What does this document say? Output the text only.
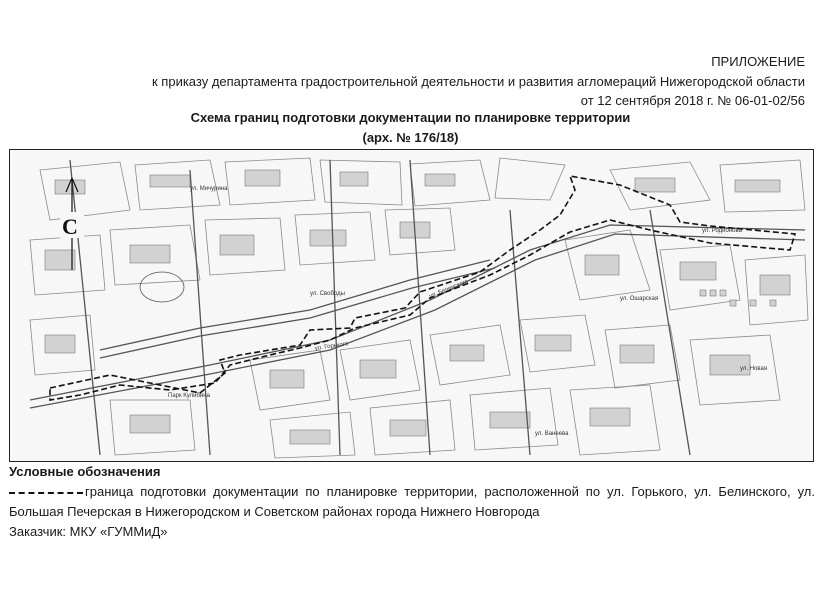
ПРИЛОЖЕНИЕ
к приказу департамента градостроительной деятельности и развития агломераций Нижегородской области
от 12 сентября 2018 г. № 06-01-02/56
Схема границ подготовки документации по планировке территории
(арх. № 176/18)
ул. Родионова
ул. Свободы	ул. Белинского
ул. Горького
Парк Кулибина
ул. Ванеева
ул. Ошарская
ул. Новая
ул. Мичурина
С
Условные обозначения
граница подготовки документации по планировке территории, расположенной по ул. Горького, ул. Белинского, ул. Большая Печерская в Нижегородском и Советском районах города Нижнего Новгорода
Заказчик: МКУ «ГУММиД»
